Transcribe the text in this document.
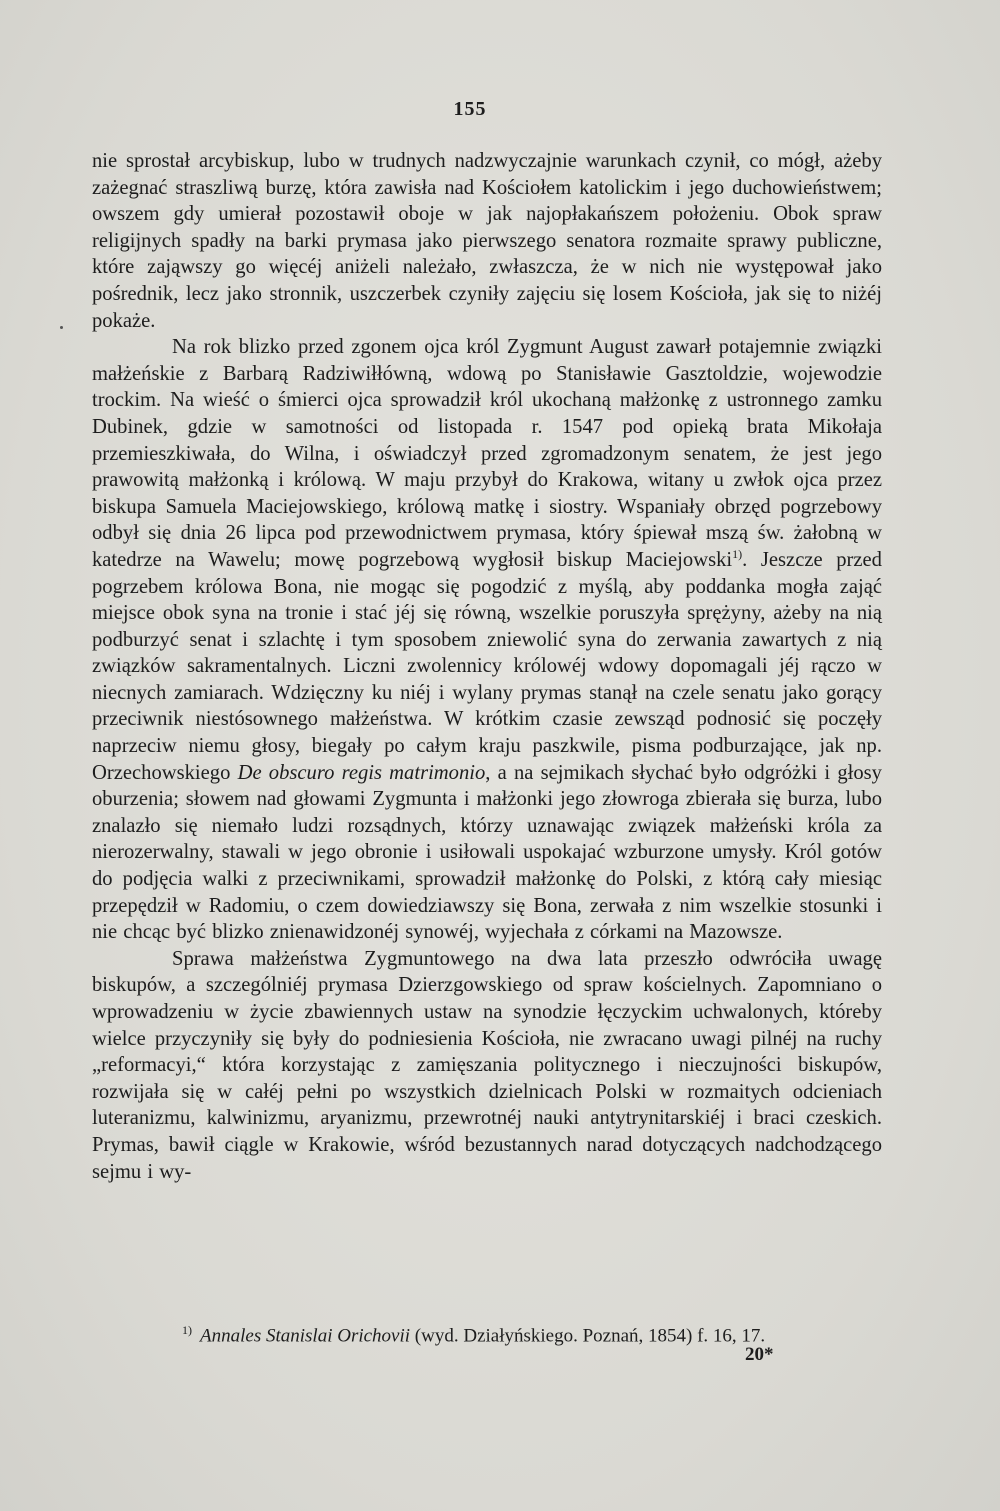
155

nie sprostał arcybiskup, lubo w trudnych nadzwyczajnie warunkach czynił, co mógł, ażeby zażegnać straszliwą burzę, która zawisła nad Kościołem katolickim i jego duchowieństwem; owszem gdy umierał pozostawił oboje w jak najopłakańszem położeniu. Obok spraw religijnych spadły na barki prymasa jako pierwszego senatora rozmaite sprawy publiczne, które zająwszy go więcéj aniżeli należało, zwłaszcza, że w nich nie występował jako pośrednik, lecz jako stronnik, uszczerbek czyniły zajęciu się losem Kościoła, jak się to niżéj pokaże.

Na rok blizko przed zgonem ojca król Zygmunt August zawarł potajemnie związki małżeńskie z Barbarą Radziwiłłówną, wdową po Stanisławie Gasztoldzie, wojewodzie trockim. Na wieść o śmierci ojca sprowadził król ukochaną małżonkę z ustronnego zamku Dubinek, gdzie w samotności od listopada r. 1547 pod opieką brata Mikołaja przemieszkiwała, do Wilna, i oświadczył przed zgromadzonym senatem, że jest jego prawowitą małżonką i królową. W maju przybył do Krakowa, witany u zwłok ojca przez biskupa Samuela Maciejowskiego, królową matkę i siostry. Wspaniały obrzęd pogrzebowy odbył się dnia 26 lipca pod przewodnictwem prymasa, który śpiewał mszą św. żałobną w katedrze na Wawelu; mowę pogrzebową wygłosił biskup Maciejowski$^{1)}$. Jeszcze przed pogrzebem królowa Bona, nie mogąc się pogodzić z myślą, aby poddanka mogła zająć miejsce obok syna na tronie i stać jéj się równą, wszelkie poruszyła sprężyny, ażeby na nią podburzyć senat i szlachtę i tym sposobem zniewolić syna do zerwania zawartych z nią związków sakramentalnych. Liczni zwolennicy królowéj wdowy dopomagali jéj rączo w niecnych zamiarach. Wdzięczny ku niéj i wylany prymas stanął na czele senatu jako gorący przeciwnik niestósownego małżeństwa. W krótkim czasie zewsząd podnosić się poczęły naprzeciw niemu głosy, biegały po całym kraju paszkwile, pisma podburzające, jak np. Orzechowskiego De obscuro regis matrimonio, a na sejmikach słychać było odgróżki i głosy oburzenia; słowem nad głowami Zygmunta i małżonki jego złowroga zbierała się burza, lubo znalazło się niemało ludzi rozsądnych, którzy uznawając związek małżeński króla za nierozerwalny, stawali w jego obronie i usiłowali uspokajać wzburzone umysły. Król gotów do podjęcia walki z przeciwnikami, sprowadził małżonkę do Polski, z którą cały miesiąc przepędził w Radomiu, o czem dowiedziawszy się Bona, zerwała z nim wszelkie stosunki i nie chcąc być blizko znienawidzonéj synowéj, wyjechała z córkami na Mazowsze.

Sprawa małżeństwa Zygmuntowego na dwa lata przeszło odwróciła uwagę biskupów, a szczególniéj prymasa Dzierzgowskiego od spraw kościelnych. Zapomniano o wprowadzeniu w życie zbawiennych ustaw na synodzie łęczyckim uchwalonych, któreby wielce przyczyniły się były do podniesienia Kościoła, nie zwracano uwagi pilnéj na ruchy „reformacyi,“ która korzystając z zamięszania politycznego i nieczujności biskupów, rozwijała się w całéj pełni po wszystkich dzielnicach Polski w rozmaitych odcieniach luteranizmu, kalwinizmu, aryanizmu, przewrotnéj nauki antytrynitarskiéj i braci czeskich. Prymas, bawił ciągle w Krakowie, wśród bezustannych narad dotyczących nadchodzącego sejmu i wy-

$^{1)}$ Annales Stanislai Orichovii (wyd. Działyńskiego. Poznań, 1854) f. 16, 17.
20*
